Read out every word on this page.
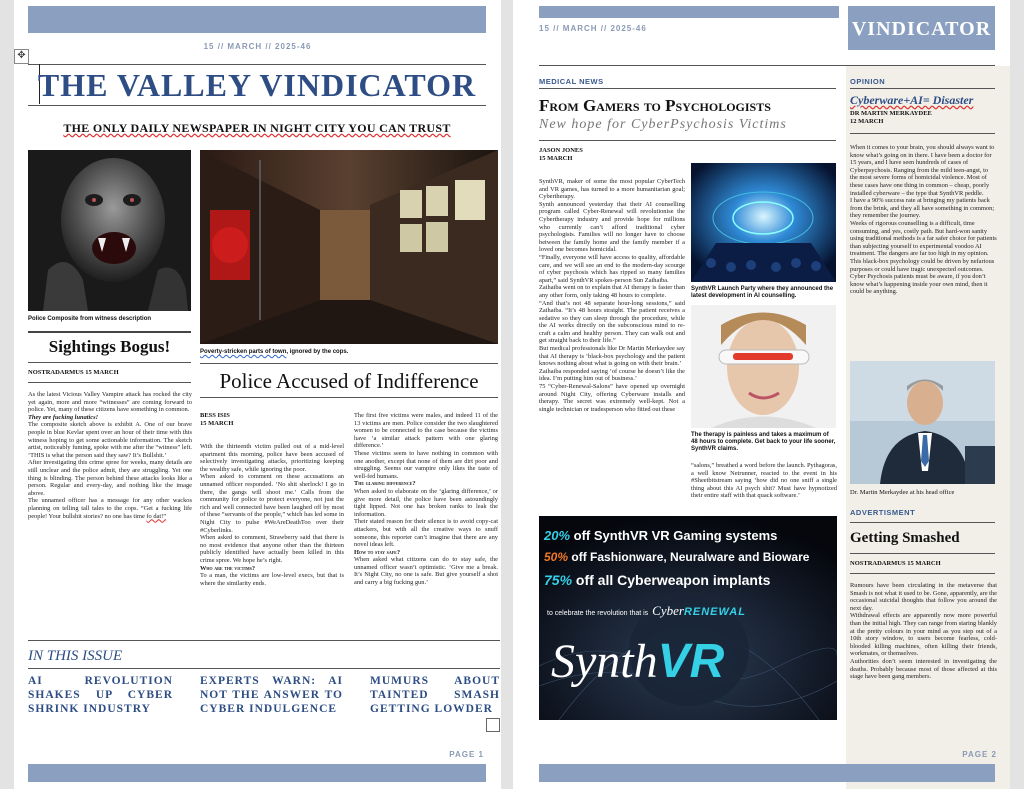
15 // MARCH // 2025-46
✥
THE VALLEY VINDICATOR
THE ONLY DAILY NEWSPAPER IN NIGHT CITY YOU CAN TRUST
Police Composite from witness description
Poverty-stricken parts of town, ignored by the cops.
Sightings Bogus!
NOSTRADARMUS 15 MARCH

As the latest Vicious Valley Vampire attack has rocked the city yet again, more and more “witnesses” are coming forward to police. Yet, many of these citizens have something in common.

They are fucking lunatics!

The composite sketch above is exhibit A. One of our brave people in blue Kevlar spent over an hour of their time with this witness hoping to get some actionable information. The sketch artist, noticeably fuming, spoke with me after the “witness” left.

‘THIS is what the person said they saw? It’s Bullshit.’

After investigating this crime spree for weeks, many details are still unclear and the police admit, they are struggling. Yet one thing is blinding. The person behind these attacks looks like a person. Regular and every-day, and nothing like the image above.

The unnamed officer has a message for any other wackos planning on telling tall tales to the cops. “Get a fucking life people! Your bullshit stories? no one has time fo dat!”

Police Accused of Indifference
BESS ISIS
15 MARCH

With the thirteenth victim pulled out of a mid-level apartment this morning, police have been accused of selectively investigating attacks, prioritizing keeping the wealthy safe, while ignoring the poor.

When asked to comment on these accusations an unnamed officer responded. ‘No shit sherlock! I go in there, the gangs will shoot me.’ Calls from the community for police to protect everyone, not just the rich and well connected have been laughed off by most of these “servants of the people,” which has led some in Night City to pulse #WeAreDeathToo over their #Cyberlinks.

When asked to comment, Strawberry said that there is no most evidence that anyone other than the thirteen publicly identified have actually been killed in this crime spree. We hope he’s right.

Who are the victims?

To a man, the victims are low-level execs, but that is where the similarity ends.

The first five victims were males, and indeed 11 of the 13 victims are men. Police consider the two slaughtered women to be connected to the case because the victims have ‘a similar attack pattern with one glaring difference.’

These victims seem to have nothing in common with one another, except that none of them are dirt poor and struggling. Seems our vampire only likes the taste of well-fed humans.

The glaring difference?

When asked to elaborate on the ‘glaring difference,’ or give more detail, the police have been astoundingly tight lipped. Not one has broken ranks to leak the information.

Their stated reason for their silence is to avoid copy-cat attackers, but with all the creative ways to snuff someone, this reporter can’t imagine that there are any novel ideas left.

How to stay safe?

When asked what citizens can do to stay safe, the unnamed officer wasn’t optimistic. ‘Give me a break. It’s Night City, no one is safe. But give yourself a shot and carry a big fucking gun.’

IN THIS ISSUE
AI REVOLUTION SHAKES UP CYBER SHRINK INDUSTRY
EXPERTS WARN: AI NOT THE ANSWER TO CYBER INDULGENCE
MUMURS ABOUT TAINTED SMASH GETTING LOWDER
PAGE 1
15 // MARCH // 2025-46	VINDICATOR
MEDICAL NEWS
From Gamers to Psychologists
New hope for CyberPsychosis Victims
JASON JONES
15 MARCH

SynthVR, maker of some the most popular CyberTech and VR games, has turned to a more humanitarian goal; Cybertherapy.

Synth announced yesterday that their AI counselling program called Cyber-Renewal will revolutionise the Cybertherapy industry and provide hope for millions who currently can’t afford traditional cyber psychologists. Families will no longer have to choose between the family home and the family member if a loved one becomes homicidal.

“Finally, everyone will have access to quality, affordable care, and we will see an end to the modern-day scourge of cyber psychosis which has ripped so many families apart,” said SynthVR spokes-person Sun Zaihaiba.

Zaihaiba went on to explain that AI therapy is faster than any other form, only taking 48 hours to complete.

“And that’s not 48 separate hour-long sessions,” said Zaihaiba. “It’s 48 hours straight. The patient receives a sedative so they can sleep through the procedure, while the AI works directly on the subconscious mind to re-craft a calm and healthy person. They can walk out and get straight back to their life.”

But medical professionals like Dr Martin Merkaydee say that AI therapy is ‘black-box psychology and the patient knows nothing about what is going on with their brain.’

Zaihaiba responded saying ‘of course he doesn’t like the idea. I’m putting him out of business.’

75 “Cyber-Renewal-Salons” have opened up overnight around Night City, offering Cyberware installs and therapy. The secret was extremely well-kept. Not a single technician or tradesperson who fitted out these

SynthVR Launch Party where they announced the latest development in AI counselling.
The therapy is painless and takes a maximum of 48 hours to complete. Get back to your life sooner, SynthVR claims.

“salons,” breathed a word before the launch. Pythagoras, a well know Netrunner, reacted to the event in his #Sheetbitstream saying ‘how did no one sniff a single thing about this AI psych shit? Must have hypnotized their entire staff with that quack software.’

20% off SynthVR VR Gaming systems
50% off Fashionware, Neuralware and Bioware
75% off all Cyberweapon implants
to celebrate the revolution that is CyberRENEWAL
SynthVR
OPINION
Cyberware+AI= Disaster
DR MARTIN MERKAYDEE
12 MARCH

When it comes to your brain, you should always want to know what’s going on in there. I have been a doctor for 15 years, and I have seen hundreds of cases of Cyberpsychosis. Ranging from the mild teen-angst, to the most severe forms of homicidal violence. Most of these cases have one thing in common – cheap, poorly installed cyberware – the type that SynthVR peddle.

I have a 90% success rate at bringing my patients back from the brink, and they all have something in common; they remember the journey.

Weeks of rigorous counselling is a difficult, time consuming, and yes, costly path. But hard-won sanity using traditional methods is a far safer choice for patients than subjecting yourself to experimental voodoo AI treatment. The dangers are far too high in my opinion. This black-box psychology could be driven by nefarious purposes or could have tragic unexpected outcomes.

Cyber Psychosis patients must be aware, if you don’t know what’s happening inside your own mind, then it could be anything.

Dr. Martin Merkaydee at his head office
ADVERTISMENT
Getting Smashed
NOSTRADARMUS 15 MARCH

Rumours have been circulating in the metaverse that Smash is not what it used to be. Gone, apparently, are the occasional suicidal thoughts that follow you around the next day.

Withdrawal effects are apparently now more powerful than the initial high. They can range from staring blankly at the pretty colours in your mind as you step out of a 10th story window, to users become fearless, cold-blooded killing machines, often killing their friends, workmates, or themselves.

Authorities don’t seem interested in investigating the deaths. Probably because most of those affected at this stage have been gang members.

PAGE 2
